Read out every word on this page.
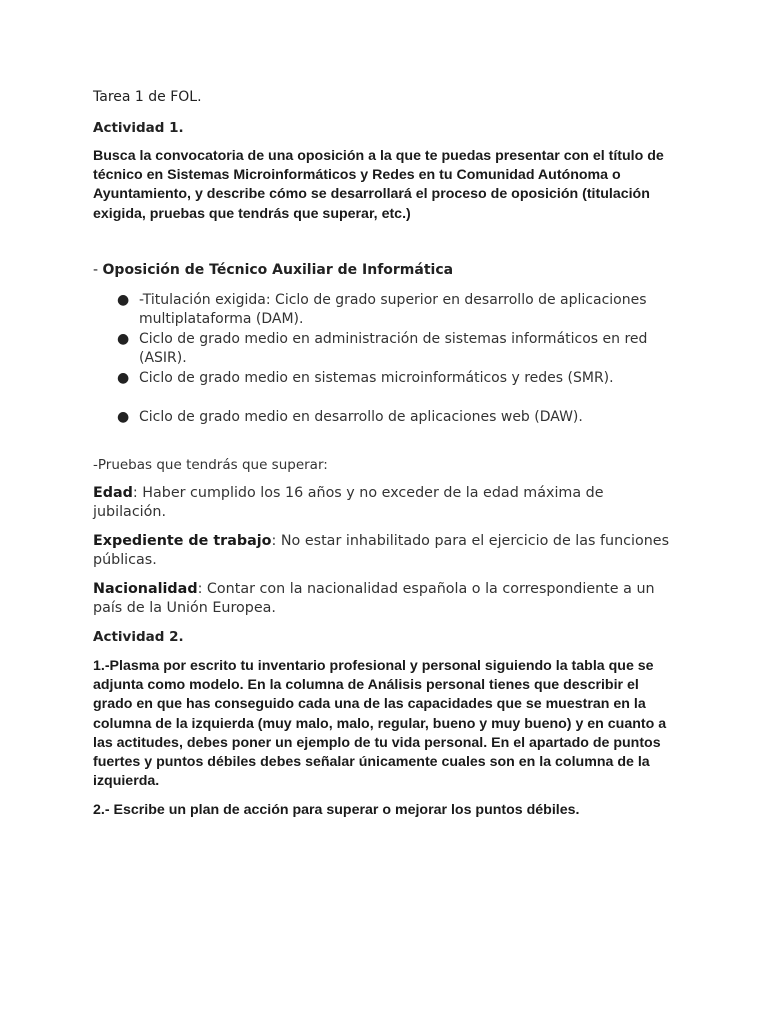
Tarea 1 de FOL.
Actividad 1.
Busca la convocatoria de una oposición a la que te puedas presentar con el título de técnico en Sistemas Microinformáticos y Redes en tu Comunidad Autónoma o Ayuntamiento, y describe cómo se desarrollará el proceso de oposición (titulación exigida, pruebas que tendrás que superar, etc.)
- Oposición de Técnico Auxiliar de Informática
● -Titulación exigida: Ciclo de grado superior en desarrollo de aplicaciones multiplataforma (DAM).
● Ciclo de grado medio en administración de sistemas informáticos en red (ASIR).
● Ciclo de grado medio en sistemas microinformáticos y redes (SMR).
● Ciclo de grado medio en desarrollo de aplicaciones web (DAW).
-Pruebas que tendrás que superar:
Edad: Haber cumplido los 16 años y no exceder de la edad máxima de jubilación.
Expediente de trabajo: No estar inhabilitado para el ejercicio de las funciones públicas.
Nacionalidad: Contar con la nacionalidad española o la correspondiente a un país de la Unión Europea.
Actividad 2.
1.-Plasma por escrito tu inventario profesional y personal siguiendo la tabla que se adjunta como modelo. En la columna de Análisis personal tienes que describir el grado en que has conseguido cada una de las capacidades que se muestran en la columna de la izquierda (muy malo, malo, regular, bueno y muy bueno) y en cuanto a las actitudes, debes poner un ejemplo de tu vida personal. En el apartado de puntos fuertes y puntos débiles debes señalar únicamente cuales son en la columna de la izquierda.
2.- Escribe un plan de acción para superar o mejorar los puntos débiles.
